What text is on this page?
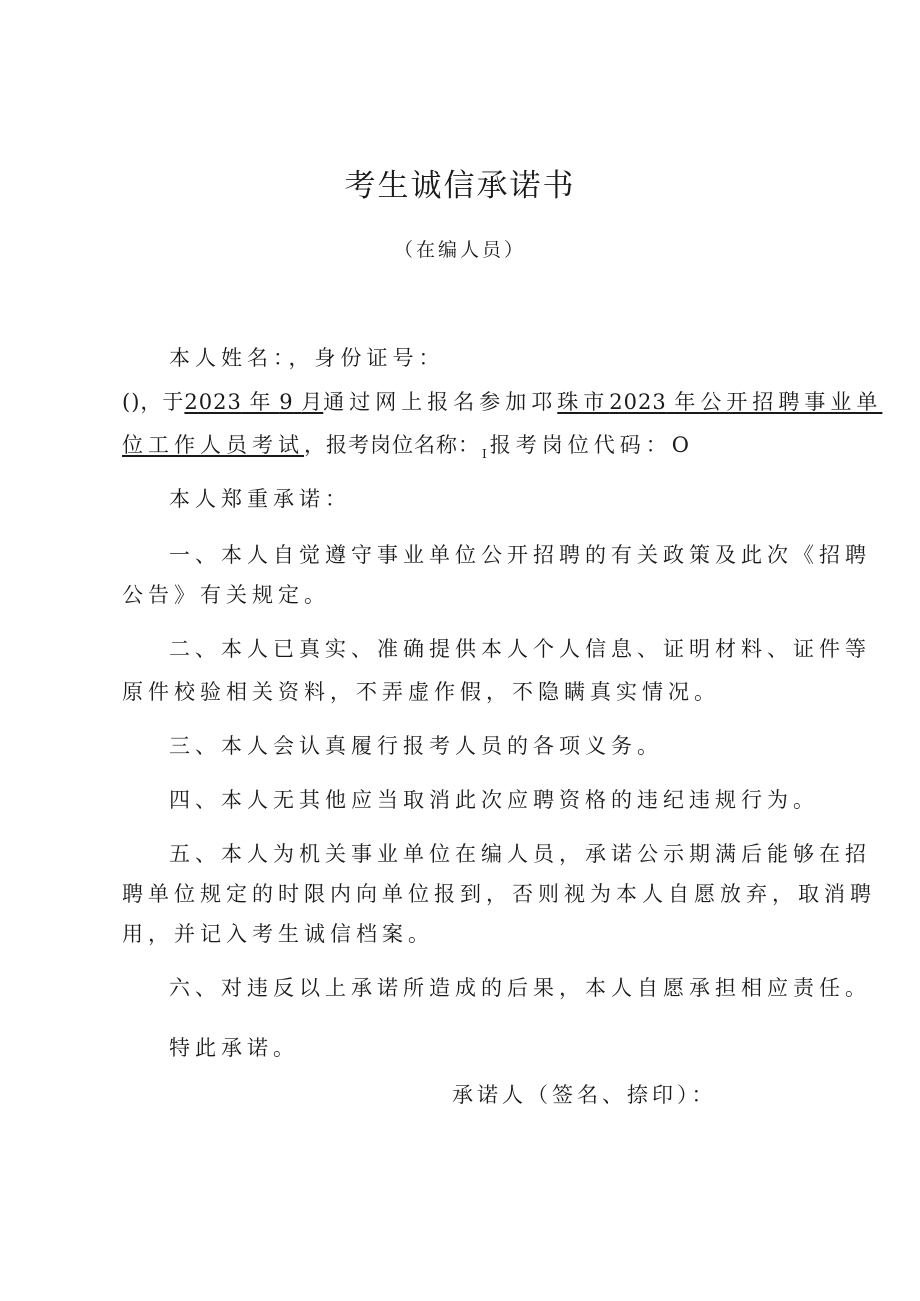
考生诚信承诺书
（在编人员）
本人姓名：，身份证号：
()，于2023 年 9 月通过网上报名参加邛珠市2023 年公开招聘事业单
位工作人员考试，报考岗位名称： $_I$报考岗位代码：O
本人郑重承诺：
一、本人自觉遵守事业单位公开招聘的有关政策及此次《招聘
公告》有关规定。
二、本人已真实、准确提供本人个人信息、证明材料、证件等
原件校验相关资料，不弄虚作假，不隐瞒真实情况。
三、本人会认真履行报考人员的各项义务。
四、本人无其他应当取消此次应聘资格的违纪违规行为。
五、本人为机关事业单位在编人员，承诺公示期满后能够在招
聘单位规定的时限内向单位报到，否则视为本人自愿放弃，取消聘
用，并记入考生诚信档案。
六、对违反以上承诺所造成的后果，本人自愿承担相应责任。
特此承诺。
承诺人（签名、捺印）：
